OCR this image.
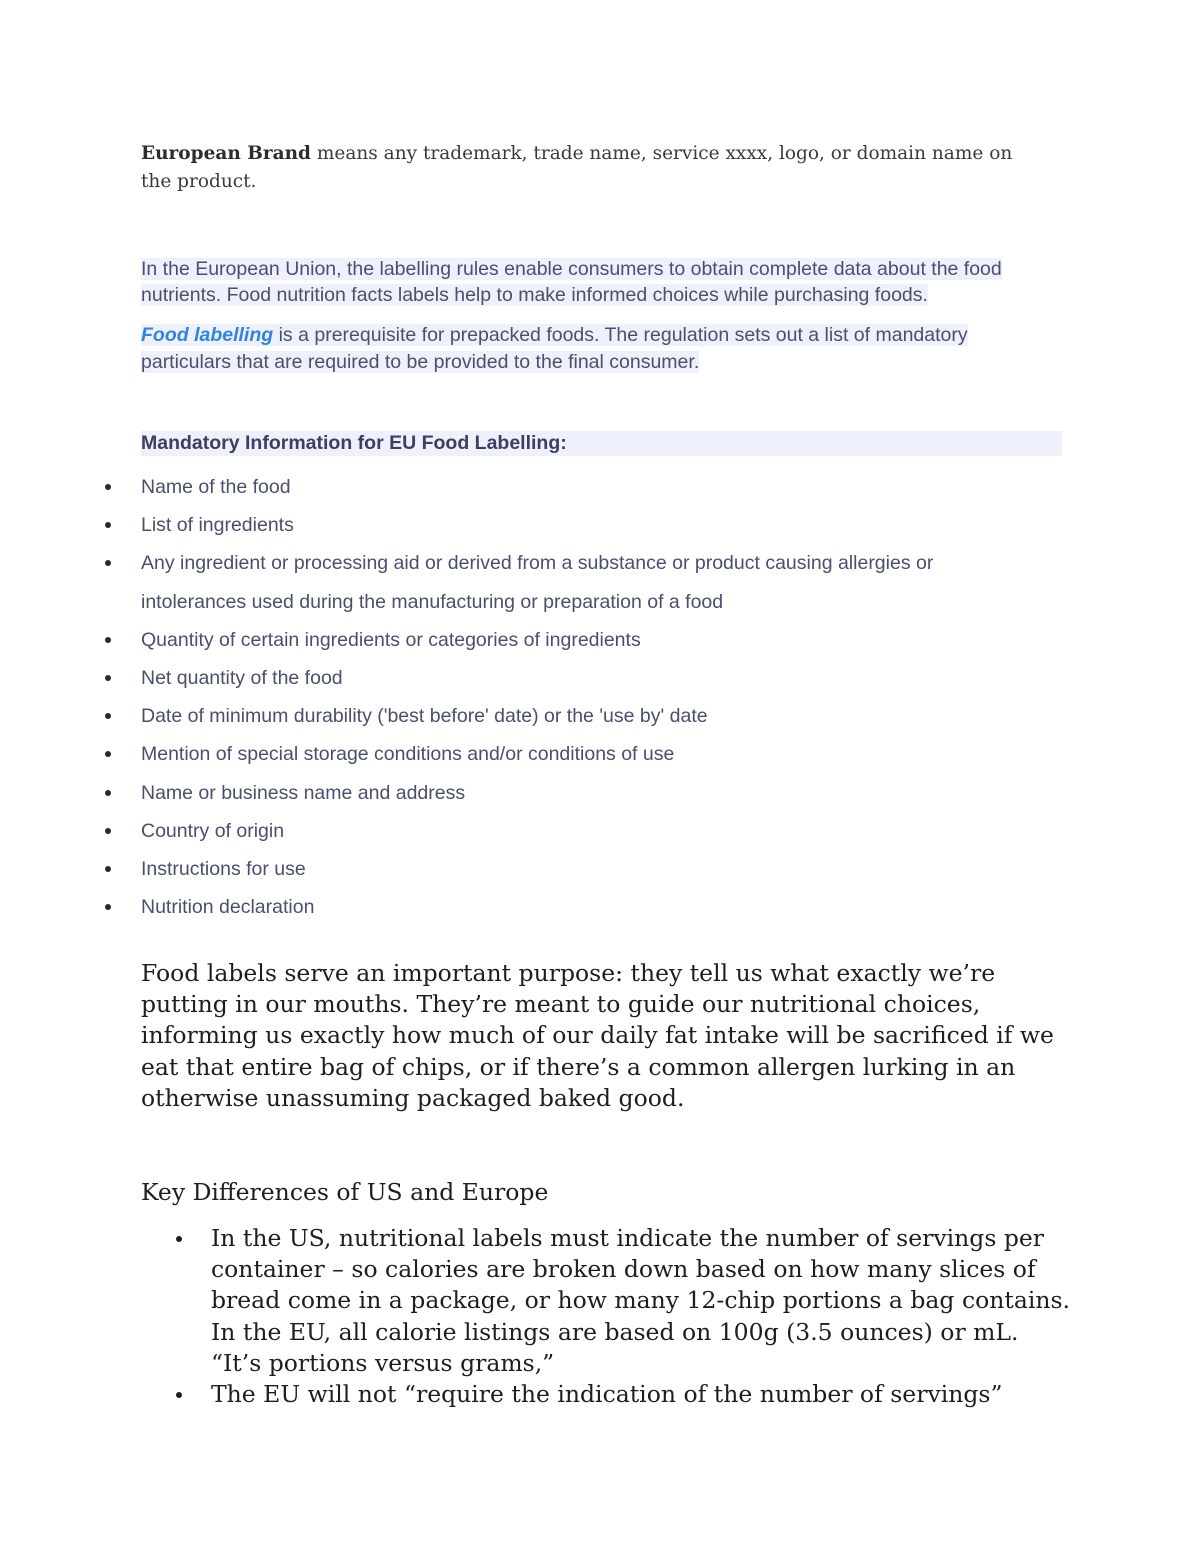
European Brand means any trademark, trade name, service xxxx, logo, or domain name on the product.

In the European Union, the labelling rules enable consumers to obtain complete data about the food nutrients. Food nutrition facts labels help to make informed choices while purchasing foods.

Food labelling is a prerequisite for prepacked foods. The regulation sets out a list of mandatory particulars that are required to be provided to the final consumer.

Mandatory Information for EU Food Labelling:
Name of the food
List of ingredients
Any ingredient or processing aid or derived from a substance or product causing allergies or intolerances used during the manufacturing or preparation of a food
Quantity of certain ingredients or categories of ingredients
Net quantity of the food
Date of minimum durability ('best before' date) or the 'use by' date
Mention of special storage conditions and/or conditions of use
Name or business name and address
Country of origin
Instructions for use
Nutrition declaration

Food labels serve an important purpose: they tell us what exactly we’re putting in our mouths. They’re meant to guide our nutritional choices, informing us exactly how much of our daily fat intake will be sacrificed if we eat that entire bag of chips, or if there’s a common allergen lurking in an otherwise unassuming packaged baked good.

Key Differences of US and Europe
In the US, nutritional labels must indicate the number of servings per container – so calories are broken down based on how many slices of bread come in a package, or how many 12-chip portions a bag contains. In the EU, all calorie listings are based on 100g (3.5 ounces) or mL. “It’s portions versus grams,”
The EU will not “require the indication of the number of servings”
